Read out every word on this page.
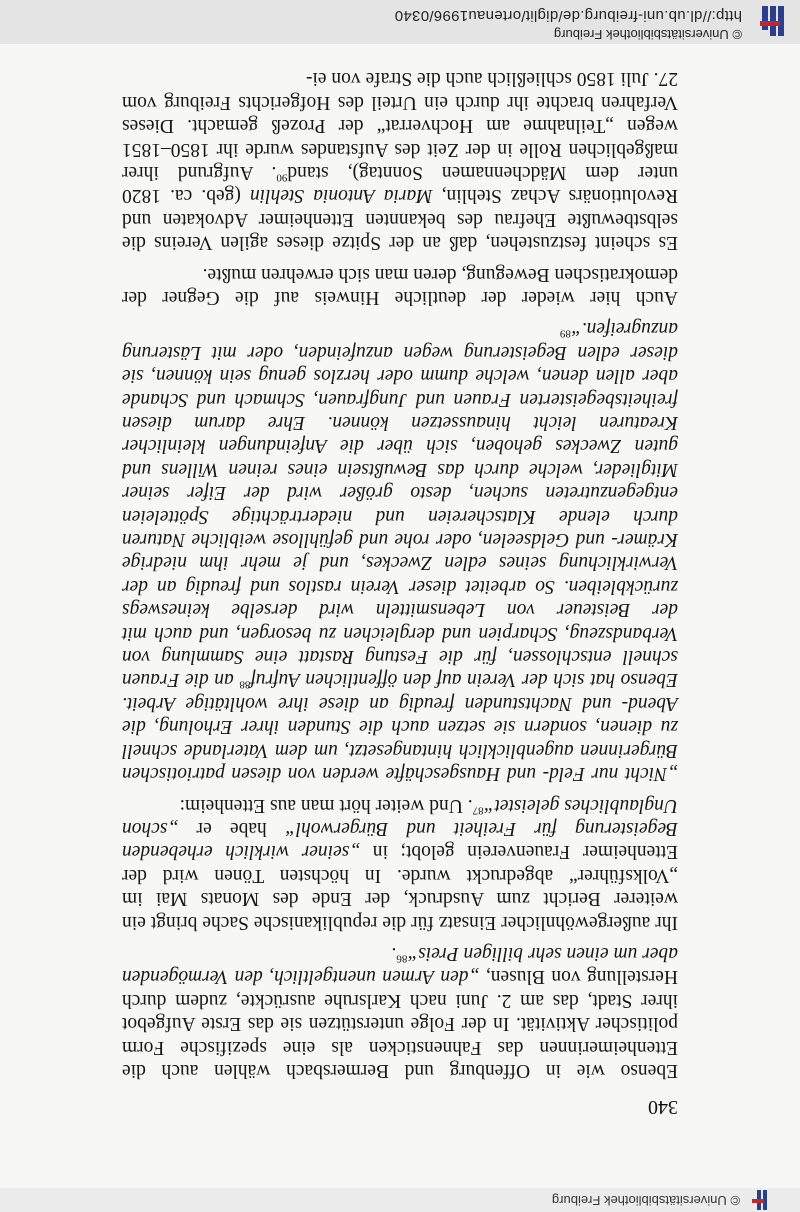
© Universitätsbibliothek Freiburg
http://dl.ub.uni-freiburg.de/diglit/ortenau1996/0340
© Universitätsbibliothek Freiburg
340

Ebenso wie in Offenburg und Bermersbach wählen auch die Ettenheimerinnen das Fahnensticken als eine spezifische Form politischer Aktivität. In der Folge unterstützen sie das Erste Aufgebot ihrer Stadt, das am 2. Juni nach Karlsruhe ausrückte, zudem durch Herstellung von Blusen, „den Armen unentgeltlich, den Vermögenden aber um einen sehr billigen Preis“$^{86}$.

Ihr außergewöhnlicher Einsatz für die republikanische Sache bringt ein weiterer Bericht zum Ausdruck, der Ende des Monats Mai im „Volksführer“ abgedruckt wurde. In höchsten Tönen wird der Ettenheimer Frauenverein gelobt; in „seiner wirklich erhebenden Begeisterung für Freiheit und Bürgerwohl“ habe er „schon Unglaubliches geleistet“$^{87}$. Und weiter hört man aus Ettenheim:

„Nicht nur Feld- und Hausgeschäfte werden von diesen patriotischen Bürgerinnen augenblicklich hintangesetzt, um dem Vaterlande schnell zu dienen, sondern sie setzen auch die Stunden ihrer Erholung, die Abend- und Nachtstunden freudig an diese ihre wohltätige Arbeit. Ebenso hat sich der Verein auf den öffentlichen Aufruf$^{88}$ an die Frauen schnell entschlossen, für die Festung Rastatt eine Sammlung von Verbandszeug, Scharpien und dergleichen zu besorgen, und auch mit der Beisteuer von Lebensmitteln wird derselbe keineswegs zurückbleiben. So arbeitet dieser Verein rastlos und freudig an der Verwirklichung seines edlen Zweckes, und je mehr ihm niedrige Krämer- und Geldseelen, oder rohe und gefühllose weibliche Naturen durch elende Klatschereien und niederträchtige Spötteleien entgegenzutreten suchen, desto größer wird der Eifer seiner Mitglieder, welche durch das Bewußtsein eines reinen Willens und guten Zweckes gehoben, sich über die Anfeindungen kleinlicher Kreaturen leicht hinaussetzen können. Ehre darum diesen freiheitsbegeisterten Frauen und Jungfrauen, Schmach und Schande aber allen denen, welche dumm oder herzlos genug sein können, sie dieser edlen Begeisterung wegen anzufeinden, oder mit Lästerung anzugreifen.“$^{89}$

Auch hier wieder der deutliche Hinweis auf die Gegner der demokratischen Bewegung, deren man sich erwehren mußte.

Es scheint festzustehen, daß an der Spitze dieses agilen Vereins die selbstbewußte Ehefrau des bekannten Ettenheimer Advokaten und Revolutionärs Achaz Stehlin, Maria Antonia Stehlin (geb. ca. 1820 unter dem Mädchennamen Sonntag), stand$^{90}$. Aufgrund ihrer maßgeblichen Rolle in der Zeit des Aufstandes wurde ihr 1850–1851 wegen „Teilnahme am Hochverrat“ der Prozeß gemacht. Dieses Verfahren brachte ihr durch ein Urteil des Hofgerichts Freiburg vom 27. Juli 1850 schließlich auch die Strafe von ei-
